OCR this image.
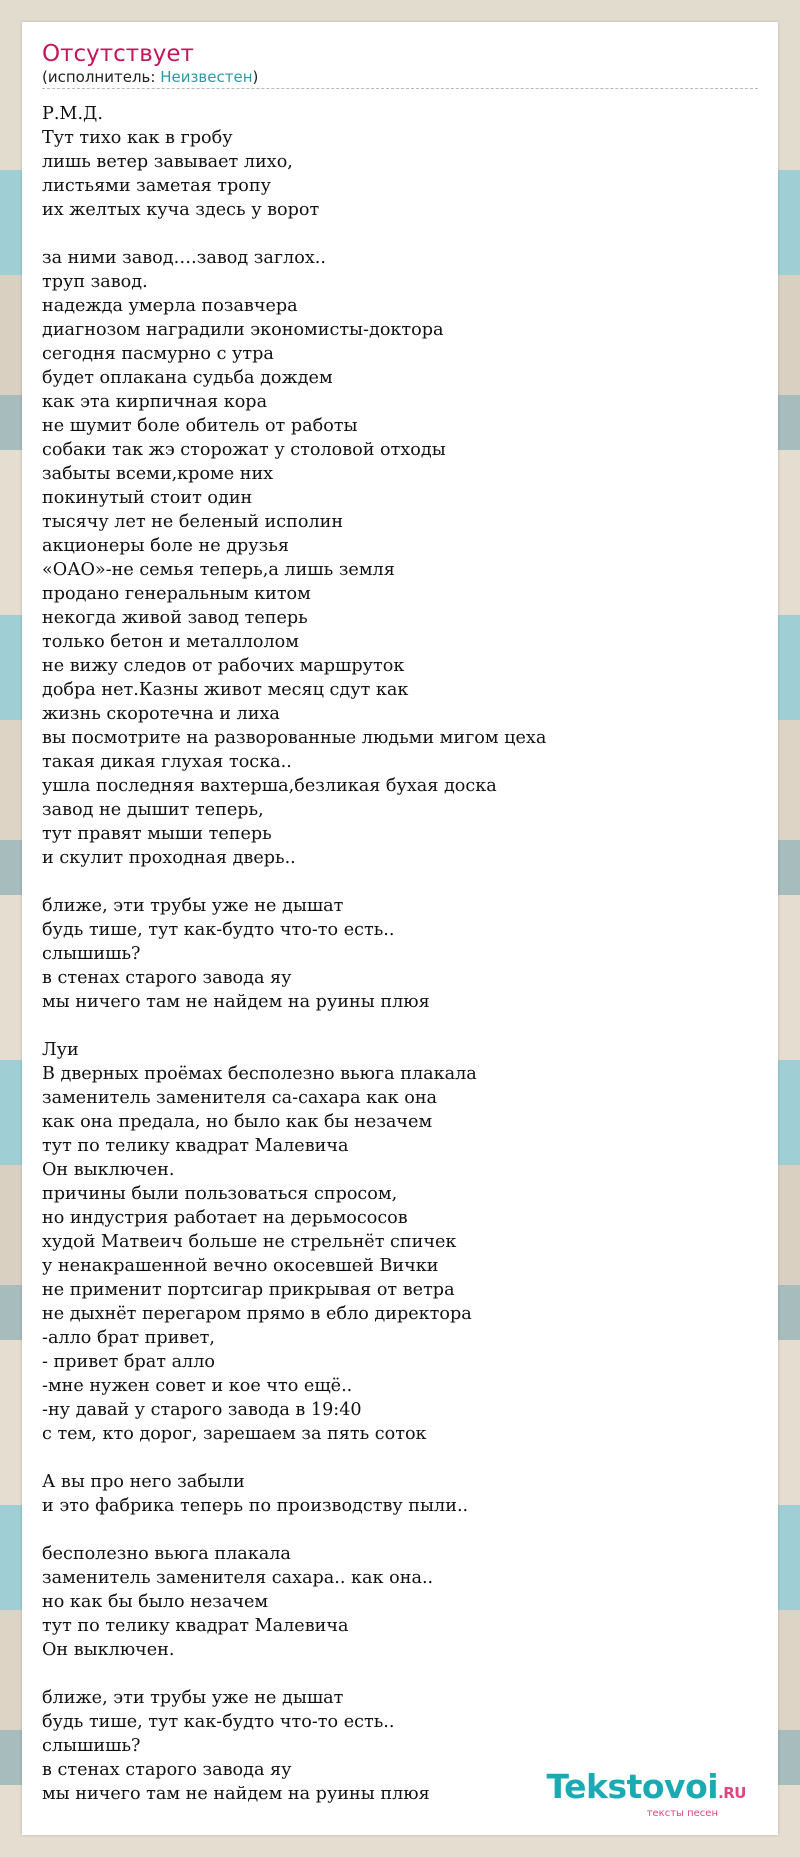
Отсутствует
(исполнитель: Неизвестен)
Р.М.Д.
Тут тихо как в гробу
лишь ветер завывает лихо,
листьями заметая тропу
их желтых куча здесь у ворот

за ними завод….завод заглох..
труп завод.
надежда умерла позавчера
диагнозом наградили экономисты-доктора
сегодня пасмурно с утра
будет оплакана судьба дождем
как эта кирпичная кора
не шумит боле обитель от работы
собаки так жэ сторожат у столовой отходы
забыты всеми,кроме них
покинутый стоит один
тысячу лет не беленый исполин
акционеры боле не друзья
«ОАО»-не семья теперь,а лишь земля
продано генеральным китом
некогда живой завод теперь
только бетон и металлолом
не вижу следов от рабочих маршруток
добра нет.Казны живот месяц сдут как
жизнь скоротечна и лиха
вы посмотрите на разворованные людьми мигом цеха
такая дикая глухая тоска..
ушла последняя вахтерша,безликая бухая доска
завод не дышит теперь,
тут правят мыши теперь
и скулит проходная дверь..

ближе, эти трубы уже не дышат
будь тише, тут как-будто что-то есть..
слышишь?
в стенах старого завода яу
мы ничего там не найдем на руины плюя

Луи
В дверных проёмах бесполезно вьюга плакала
заменитель заменителя са-сахара как она
как она предала, но было как бы незачем
тут по телику квадрат Малевича
Он выключен.
причины были пользоваться спросом,
но индустрия работает на дерьмососов
худой Матвеич больше не стрельнёт спичек
у ненакрашенной вечно окосевшей Вички
не применит портсигар прикрывая от ветра
не дыхнёт перегаром прямо в ебло директора
-алло брат привет,
- привет брат алло
-мне нужен совет и кое что ещё..
-ну давай у старого завода в 19:40
с тем, кто дорог, зарешаем за пять соток

А вы про него забыли
и это фабрика теперь по производству пыли..

бесполезно вьюга плакала
заменитель заменителя сахара.. как она..
но как бы было незачем
тут по телику квадрат Малевича
Он выключен.

ближе, эти трубы уже не дышат
будь тише, тут как-будто что-то есть..
слышишь?
в стенах старого завода яу
мы ничего там не найдем на руины плюя	Tekstovoi.RU
тексты песен
